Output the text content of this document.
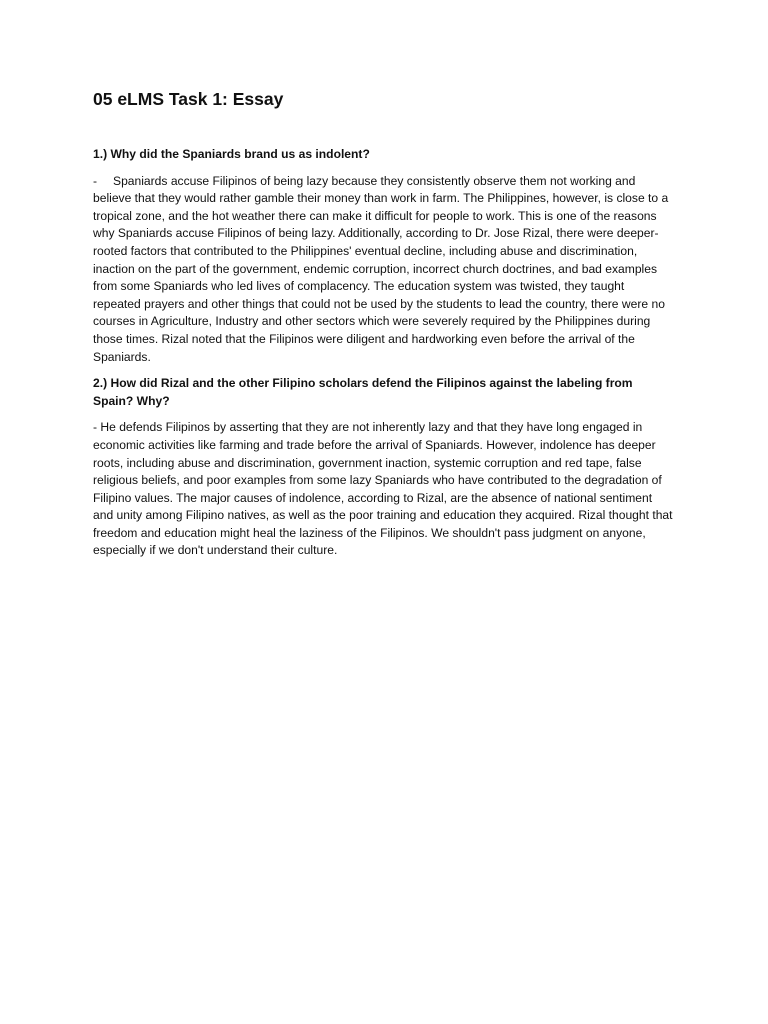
05 eLMS Task 1: Essay

1.) Why did the Spaniards brand us as indolent?

- Spaniards accuse Filipinos of being lazy because they consistently observe them not working and believe that they would rather gamble their money than work in farm. The Philippines, however, is close to a tropical zone, and the hot weather there can make it difficult for people to work. This is one of the reasons why Spaniards accuse Filipinos of being lazy. Additionally, according to Dr. Jose Rizal, there were deeper-rooted factors that contributed to the Philippines' eventual decline, including abuse and discrimination, inaction on the part of the government, endemic corruption, incorrect church doctrines, and bad examples from some Spaniards who led lives of complacency. The education system was twisted, they taught repeated prayers and other things that could not be used by the students to lead the country, there were no courses in Agriculture, Industry and other sectors which were severely required by the Philippines during those times. Rizal noted that the Filipinos were diligent and hardworking even before the arrival of the Spaniards.

2.) How did Rizal and the other Filipino scholars defend the Filipinos against the labeling from Spain? Why?

- He defends Filipinos by asserting that they are not inherently lazy and that they have long engaged in economic activities like farming and trade before the arrival of Spaniards. However, indolence has deeper roots, including abuse and discrimination, government inaction, systemic corruption and red tape, false religious beliefs, and poor examples from some lazy Spaniards who have contributed to the degradation of Filipino values. The major causes of indolence, according to Rizal, are the absence of national sentiment and unity among Filipino natives, as well as the poor training and education they acquired. Rizal thought that freedom and education might heal the laziness of the Filipinos. We shouldn't pass judgment on anyone, especially if we don't understand their culture.
